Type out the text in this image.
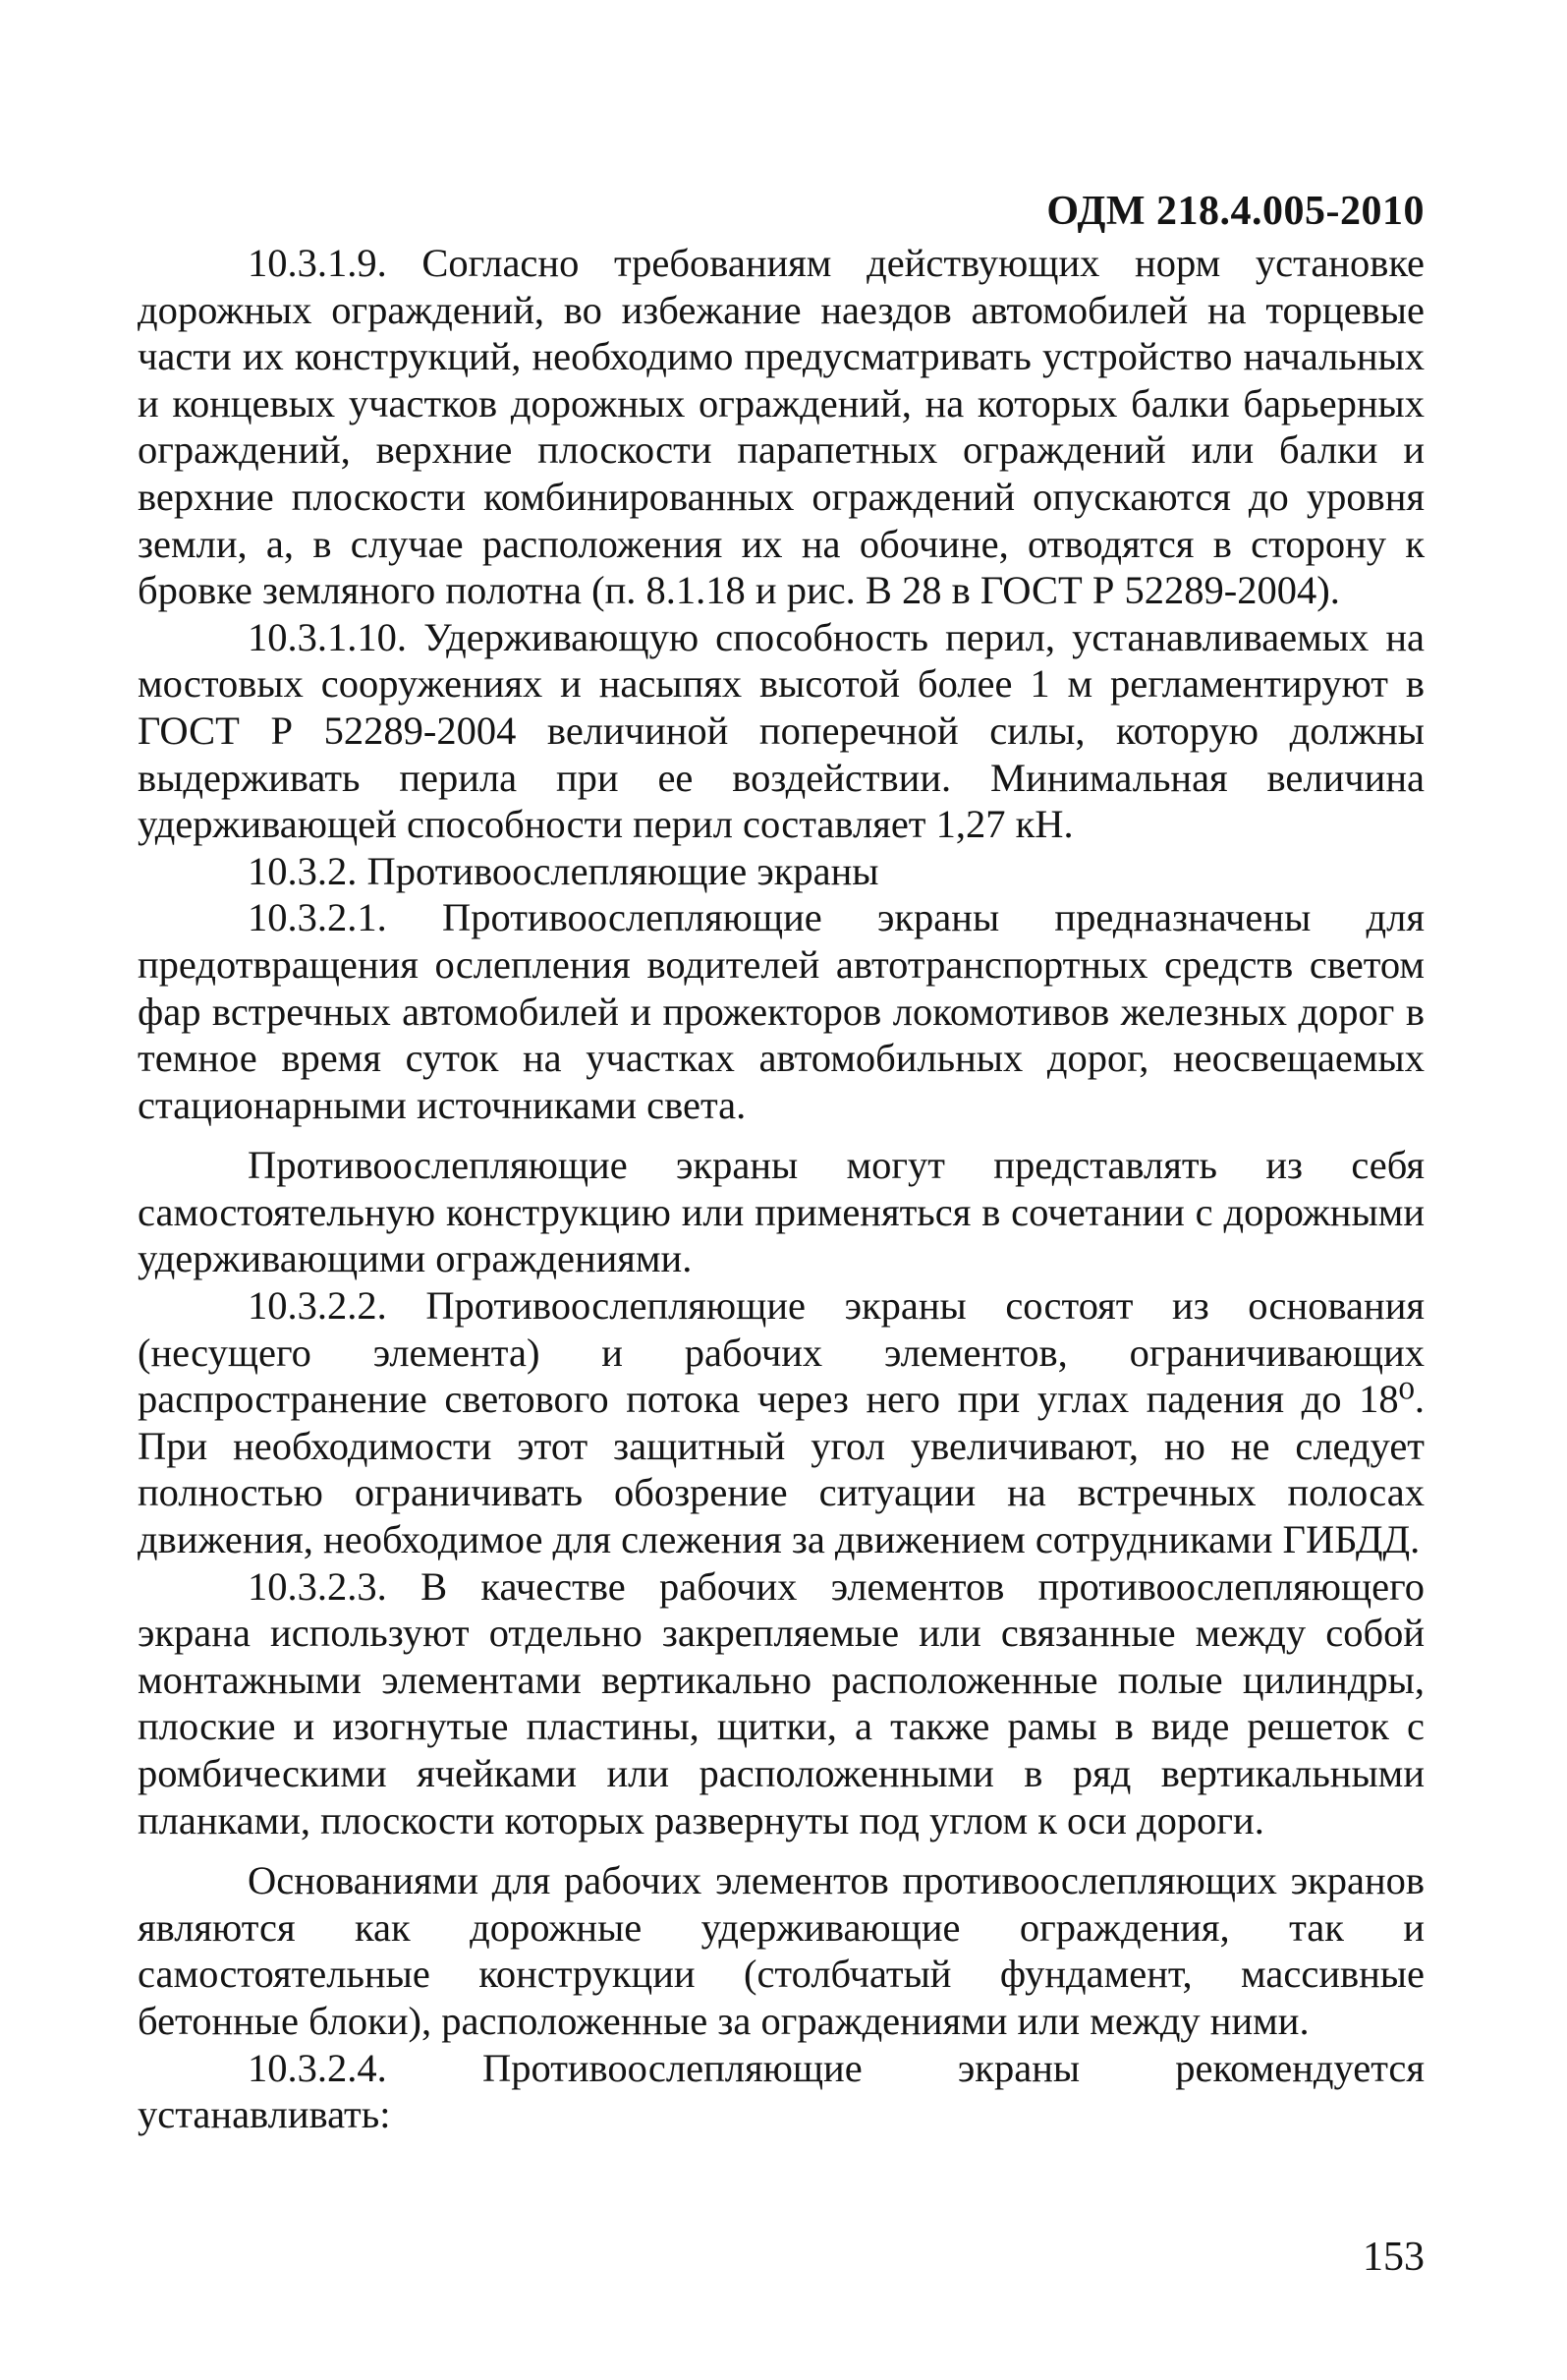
ОДМ 218.4.005-2010

10.3.1.9. Согласно требованиям действующих норм установке дорожных ограждений, во избежание наездов автомобилей на торцевые части их конструкций, необходимо предусматривать устройство начальных и концевых участков дорожных ограждений, на которых балки барьерных ограждений, верхние плоскости парапетных ограждений или балки и верхние плоскости комбинированных ограждений опускаются до уровня земли, а, в случае расположения их на обочине, отводятся в сторону к бровке земляного полотна (п. 8.1.18 и рис. В 28 в ГОСТ Р 52289-2004).

10.3.1.10. Удерживающую способность перил, устанавливаемых на мостовых сооружениях и насыпях высотой более 1 м регламентируют в ГОСТ Р 52289-2004 величиной поперечной силы, которую должны выдерживать перила при ее воздействии. Минимальная величина удерживающей способности перил составляет 1,27 кН.

10.3.2. Противоослепляющие экраны

10.3.2.1. Противоослепляющие экраны предназначены для предотвращения ослепления водителей автотранспортных средств светом фар встречных автомобилей и прожекторов локомотивов железных дорог в темное время суток на участках автомобильных дорог, неосвещаемых стационарными источниками света.

Противоослепляющие экраны могут представлять из себя самостоятельную конструкцию или применяться в сочетании с дорожными удерживающими ограждениями.

10.3.2.2. Противоослепляющие экраны состоят из основания (несущего элемента) и рабочих элементов, ограничивающих распространение светового потока через него при углах падения до 18⁰. При необходимости этот защитный угол увеличивают, но не следует полностью ограничивать обозрение ситуации на встречных полосах движения, необходимое для слежения за движением сотрудниками ГИБДД.

10.3.2.3. В качестве рабочих элементов противоослепляющего экрана используют отдельно закрепляемые или связанные между собой монтажными элементами вертикально расположенные полые цилиндры, плоские и изогнутые пластины, щитки, а также рамы в виде решеток с ромбическими ячейками или расположенными в ряд вертикальными планками, плоскости которых развернуты под углом к оси дороги.

Основаниями для рабочих элементов противоослепляющих экранов являются как дорожные удерживающие ограждения, так и самостоятельные конструкции (столбчатый фундамент, массивные бетонные блоки), расположенные за ограждениями или между ними.

10.3.2.4. Противоослепляющие экраны рекомендуется устанавливать:

153
